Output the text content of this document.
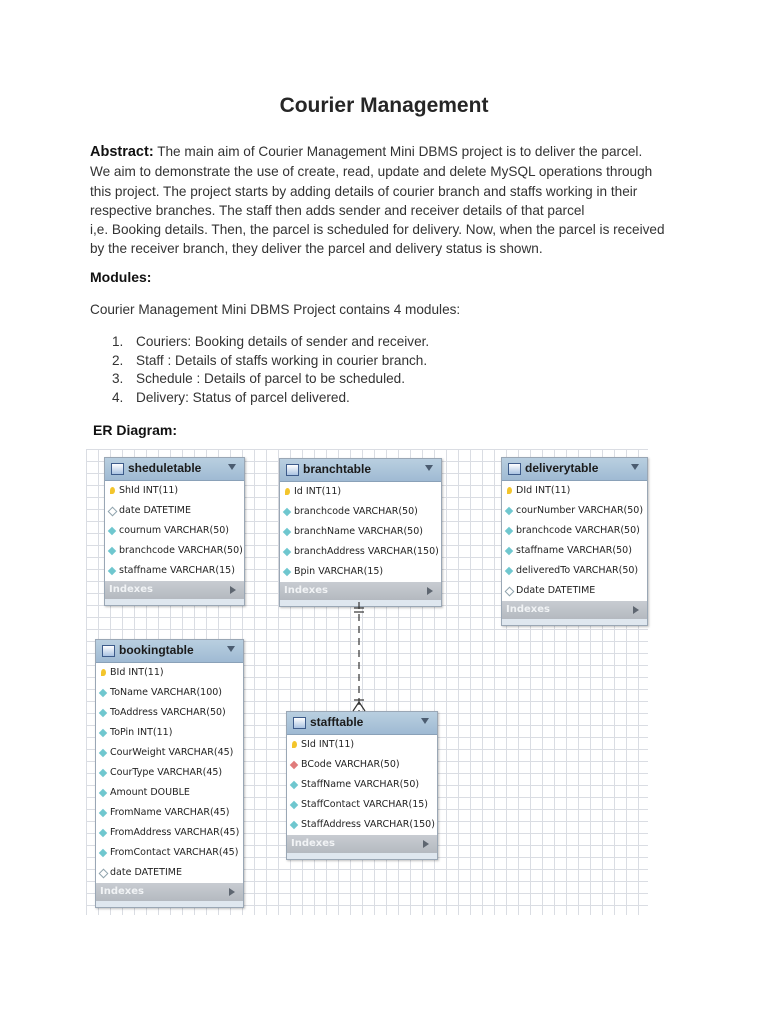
Courier Management
Abstract: The main aim of Courier Management Mini DBMS project is to deliver the parcel.
We aim to demonstrate the use of create, read, update and delete MySQL operations through
this project. The project starts by adding details of courier branch and staffs working in their
respective branches. The staff then adds sender and receiver details of that parcel
i,e. Booking details. Then, the parcel is scheduled for delivery. Now, when the parcel is received
by the receiver branch, they deliver the parcel and delivery status is shown.
Modules:
Courier Management Mini DBMS Project contains 4 modules:
1. Couriers: Booking details of sender and receiver.
2. Staff : Details of staffs working in courier branch.
3. Schedule : Details of parcel to be scheduled.
4. Delivery: Status of parcel delivered.
ER Diagram:
sheduletable
ShId INT(11)
date DATETIME
cournum VARCHAR(50)
branchcode VARCHAR(50)
staffname VARCHAR(15)
Indexes
branchtable
Id INT(11)
branchcode VARCHAR(50)
branchName VARCHAR(50)
branchAddress VARCHAR(150)
Bpin VARCHAR(15)
Indexes
deliverytable
DId INT(11)
courNumber VARCHAR(50)
branchcode VARCHAR(50)
staffname VARCHAR(50)
deliveredTo VARCHAR(50)
Ddate DATETIME
Indexes
bookingtable
BId INT(11)
ToName VARCHAR(100)
ToAddress VARCHAR(50)
ToPin INT(11)
CourWeight VARCHAR(45)
CourType VARCHAR(45)
Amount DOUBLE
FromName VARCHAR(45)
FromAddress VARCHAR(45)
FromContact VARCHAR(45)
date DATETIME
Indexes
stafftable
SId INT(11)
BCode VARCHAR(50)
StaffName VARCHAR(50)
StaffContact VARCHAR(15)
StaffAddress VARCHAR(150)
Indexes
